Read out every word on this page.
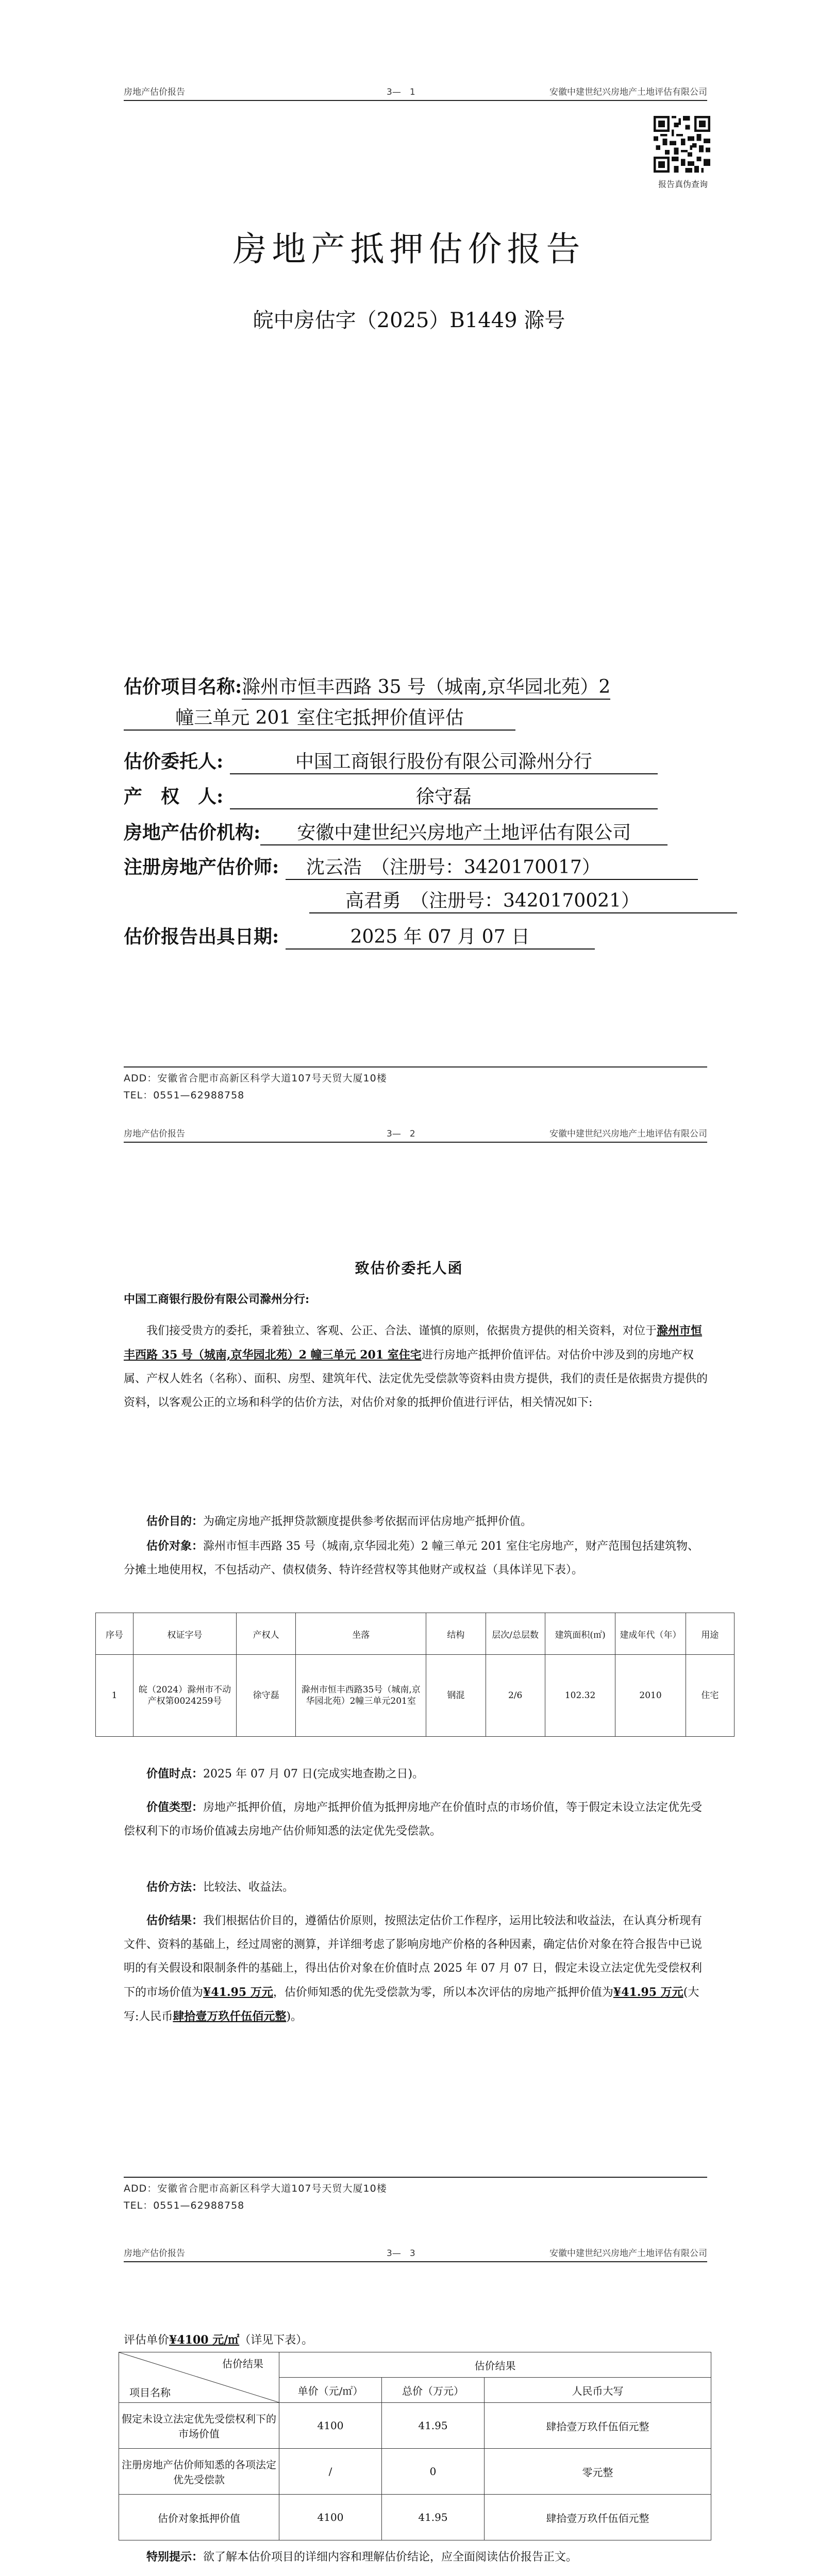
房地产估价报告	3—　1	安徽中建世纪兴房地产土地评估有限公司
报告真伪查询
房地产抵押估价报告
皖中房估字（2025）B1449 滁号
估价项目名称:滁州市恒丰西路 35 号（城南,京华园北苑）2
幢三单元 201 室住宅抵押价值评估
估价委托人:	中国工商银行股份有限公司滁州分行
产　权　人:	徐守磊
房地产估价机构: 安徽中建世纪兴房地产土地评估有限公司
注册房地产估价师: 沈云浩　（注册号：3420170017）
高君勇　（注册号：3420170021）
估价报告出具日期:	2025 年 07 月 07 日
ADD：安徽省合肥市高新区科学大道107号天贸大厦10楼
TEL：0551—62988758
房地产估价报告	3—　2	安徽中建世纪兴房地产土地评估有限公司
致估价委托人函
中国工商银行股份有限公司滁州分行:
我们接受贵方的委托，秉着独立、客观、公正、合法、谨慎的原则，依据贵方提供的相关资料，对位于滁州市恒丰西路 35 号（城南,京华园北苑）2 幢三单元 201 室住宅进行房地产抵押价值评估。对估价中涉及到的房地产权属、产权人姓名（名称）、面积、房型、建筑年代、法定优先受偿款等资料由贵方提供，我们的责任是依据贵方提供的资料，以客观公正的立场和科学的估价方法，对估价对象的抵押价值进行评估，相关情况如下:
估价目的：为确定房地产抵押贷款额度提供参考依据而评估房地产抵押价值。
估价对象：滁州市恒丰西路 35 号（城南,京华园北苑）2 幢三单元 201 室住宅房地产，财产范围包括建筑物、分摊土地使用权，不包括动产、债权债务、特许经营权等其他财产或权益（具体详见下表）。
序号	权证字号	产权人	坐落	结构	层次/总层数	建筑面积(㎡)	建成年代（年）	用途
1	皖（2024）滁州市不动产权第0024259号	徐守磊	滁州市恒丰西路35号（城南,京华园北苑）2幢三单元201室	钢混	2/6	102.32	2010	住宅
价值时点：2025 年 07 月 07 日(完成实地查勘之日)。
价值类型：房地产抵押价值，房地产抵押价值为抵押房地产在价值时点的市场价值，等于假定未设立法定优先受偿权利下的市场价值减去房地产估价师知悉的法定优先受偿款。
估价方法：比较法、收益法。
估价结果：我们根据估价目的，遵循估价原则，按照法定估价工作程序，运用比较法和收益法，在认真分析现有文件、资料的基础上，经过周密的测算，并详细考虑了影响房地产价格的各种因素，确定估价对象在符合报告中已说明的有关假设和限制条件的基础上，得出估价对象在价值时点 2025 年 07 月 07 日，假定未设立法定优先受偿权利下的市场价值为¥41.95 万元，估价师知悉的优先受偿款为零，所以本次评估的房地产抵押价值为¥41.95 万元(大写:人民币肆拾壹万玖仟伍佰元整)。
ADD：安徽省合肥市高新区科学大道107号天贸大厦10楼
TEL：0551—62988758
房地产估价报告	3—　3	安徽中建世纪兴房地产土地评估有限公司
评估单价¥4100 元/㎡（详见下表）。
估价结果
项目名称	估价结果		
	单价（元/㎡）	总价（万元）	人民币大写
假定未设立法定优先受偿权利下的市场价值	4100	41.95	肆拾壹万玖仟伍佰元整
注册房地产估价师知悉的各项法定优先受偿款	/	0	零元整
估价对象抵押价值	4100	41.95	肆拾壹万玖仟伍佰元整
特别提示：欲了解本估价项目的详细内容和理解估价结论，应全面阅读估价报告正文。
